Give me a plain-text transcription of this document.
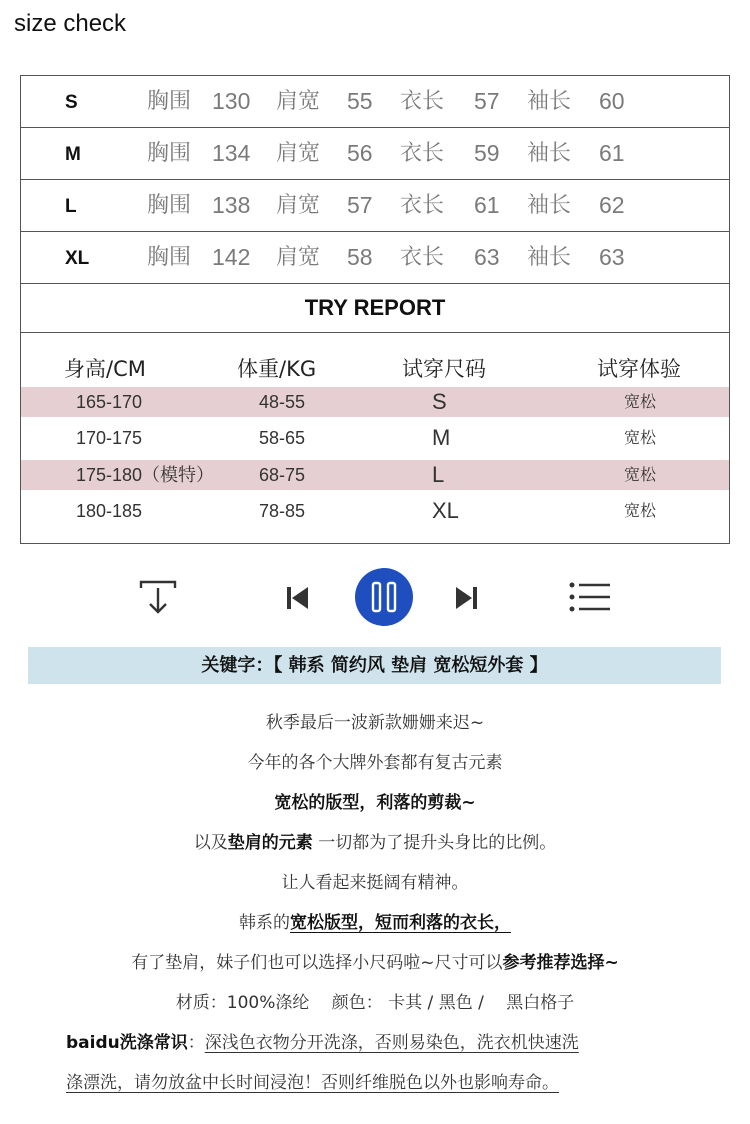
size check
S	胸围 130 肩宽 55 衣长 57 袖长 60
M	胸围 134 肩宽 56 衣长 59 袖长 61
L	胸围 138 肩宽 57 衣长 61 袖长 62
XL	胸围 142 肩宽 58 衣长 63 袖长 63
TRY REPORT
身高/CM	体重/KG	试穿尺码	试穿体验
165-170	48-55	S	宽松
170-175	58-65	M	宽松
175-180（模特） 68-75	L	宽松
180-185	78-85	XL	宽松
关键字：【 韩系 简约风 垫肩 宽松短外套 】
秋季最后一波新款姗姗来迟~
今年的各个大牌外套都有复古元素
宽松的版型，利落的剪裁~
以及垫肩的元素 一切都为了提升头身比的比例。
让人看起来挺阔有精神。
韩系的宽松版型，短而利落的衣长，
有了垫肩，妹子们也可以选择小尺码啦~尺寸可以参考推荐选择~
材质：100%涤纶 　颜色： 卡其 / 黑色 / 　黑白格子
baidu洗涤常识：深浅色衣物分开洗涤，否则易染色，洗衣机快速洗
涤漂洗，请勿放盆中长时间浸泡！否则纤维脱色以外也影响寿命。
